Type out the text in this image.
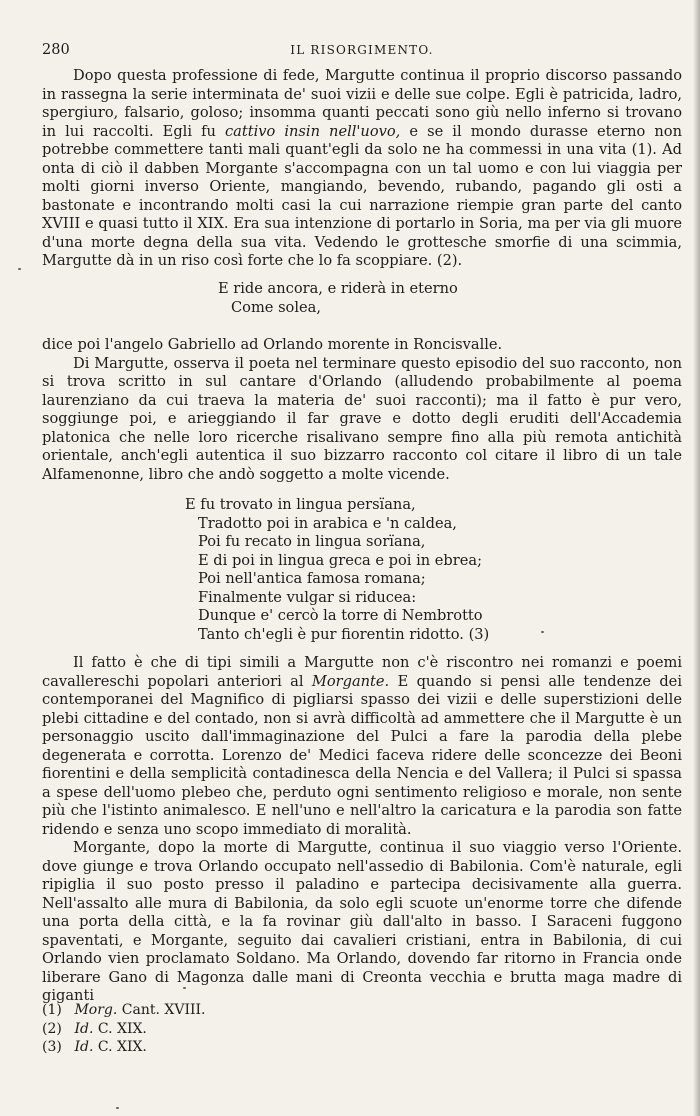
280	IL RISORGIMENTO.

Dopo questa professione di fede, Margutte continua il proprio discorso passando in rassegna la serie interminata de' suoi vizii e delle sue colpe. Egli è patricida, ladro, spergiuro, falsario, goloso; insomma quanti peccati sono giù nello inferno si trovano in lui raccolti. Egli fu cattivo insin nell'uovo, e se il mondo durasse eterno non potrebbe commettere tanti mali quant'egli da solo ne ha commessi in una vita (1). Ad onta di ciò il dabben Morgante s'accompagna con un tal uomo e con lui viaggia per molti giorni inverso Oriente, mangiando, bevendo, rubando, pagando gli osti a bastonate e incontrando molti casi la cui narrazione riempie gran parte del canto XVIII e quasi tutto il XIX. Era sua intenzione di portarlo in Soria, ma per via gli muore d'una morte degna della sua vita. Vedendo le grottesche smorfie di una scimmia, Margutte dà in un riso così forte che lo fa scoppiare. (2).

E ride ancora, e riderà in eterno
Come solea,

dice poi l'angelo Gabriello ad Orlando morente in Roncisvalle.

Di Margutte, osserva il poeta nel terminare questo episodio del suo racconto, non si trova scritto in sul cantare d'Orlando (alludendo probabilmente al poema laurenziano da cui traeva la materia de' suoi racconti); ma il fatto è pur vero, soggiunge poi, e arieggiando il far grave e dotto degli eruditi dell'Accademia platonica che nelle loro ricerche risalivano sempre fino alla più remota antichità orientale, anch'egli autentica il suo bizzarro racconto col citare il libro di un tale Alfamenonne, libro che andò soggetto a molte vicende.

E fu trovato in lingua persïana,
Tradotto poi in arabica e 'n caldea,
Poi fu recato in lingua sorïana,
E di poi in lingua greca e poi in ebrea;
Poi nell'antica famosa romana;
Finalmente vulgar si riducea:
Dunque e' cercò la torre di Nembrotto
Tanto ch'egli è pur fiorentin ridotto. (3)

Il fatto è che di tipi simili a Margutte non c'è riscontro nei romanzi e poemi cavallereschi popolari anteriori al Morgante. E quando si pensi alle tendenze dei contemporanei del Magnifico di pigliarsi spasso dei vizii e delle superstizioni delle plebi cittadine e del contado, non si avrà difficoltà ad ammettere che il Margutte è un personaggio uscito dall'immaginazione del Pulci a fare la parodia della plebe degenerata e corrotta. Lorenzo de' Medici faceva ridere delle sconcezze dei Beoni fiorentini e della semplicità contadinesca della Nencia e del Vallera; il Pulci si spassa a spese dell'uomo plebeo che, perduto ogni sentimento religioso e morale, non sente più che l'istinto animalesco. E nell'uno e nell'altro la caricatura e la parodia son fatte ridendo e senza uno scopo immediato di moralità.

Morgante, dopo la morte di Margutte, continua il suo viaggio verso l'Oriente. dove giunge e trova Orlando occupato nell'assedio di Babilonia. Com'è naturale, egli ripiglia il suo posto presso il paladino e partecipa decisivamente alla guerra. Nell'assalto alle mura di Babilonia, da solo egli scuote un'enorme torre che difende una porta della città, e la fa rovinar giù dall'alto in basso. I Saraceni fuggono spaventati, e Morgante, seguito dai cavalieri cristiani, entra in Babilonia, di cui Orlando vien proclamato Soldano. Ma Orlando, dovendo far ritorno in Francia onde liberare Gano di Magonza dalle mani di Creonta vecchia e brutta maga madre di giganti

(1) Morg. Cant. XVIII.
(2) Id. C. XIX.
(3) Id. C. XIX.
